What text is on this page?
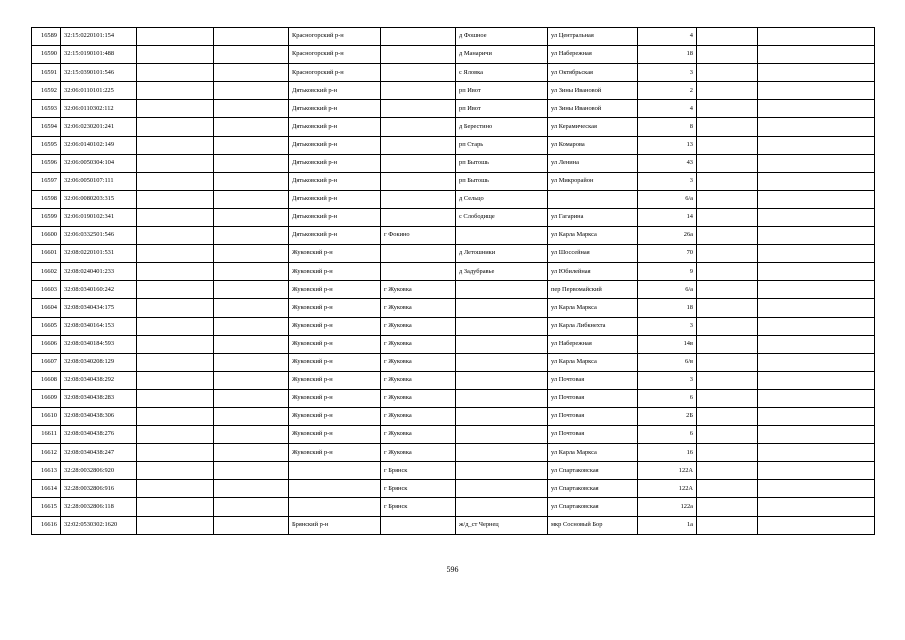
16589	32:15:0220101:154			Красногорский р-н		д Фошное	ул Центральная	4		
16590	32:15:0190101:488			Красногорский р-н		д Манаричи	ул Набережная	18		
16591	32:15:0390101:546			Красногорский р-н		с Яловка	ул Октябрьская	3		
16592	32:06:0110101:225			Дятьковский р-н		рп Ивот	ул Зины Ивановой	2		
16593	32:06:0110302:112			Дятьковский р-н		рп Ивот	ул Зины Ивановой	4		
16594	32:06:0230201:241			Дятьковский р-н		д Берестино	ул Керамическая	8		
16595	32:06:0140102:149			Дятьковский р-н		рп Старь	ул Комарова	13		
16596	32:06:0050304:104			Дятьковский р-н		рп Бытошь	ул Ленина	43		
16597	32:06:0050107:111			Дятьковский р-н		рп Бытошь	ул Микрорайон	3		
16598	32:06:0080203:315			Дятьковский р-н		д Сельцо		6/а		
16599	32:06:0190102:341			Дятьковский р-н		с Слободище	ул Гагарина	14		
16600	32:06:0332501:546			Дятьковский р-н	г Фокино		ул Карла Маркса	26а		
16601	32:08:0220101:531			Жуковский р-н		д Летошники	ул Шоссейная	70		
16602	32:08:0240401:233			Жуковский р-н		д Задубравье	ул Юбилейная	9		
16603	32:08:0340160:242			Жуковский р-н	г Жуковка		пер Первомайский	6/а		
16604	32:08:0340434:175			Жуковский р-н	г Жуковка		ул Карла Маркса	18		
16605	32:08:0340164:153			Жуковский р-н	г Жуковка		ул Карла Либкнехта	3		
16606	32:08:0340184:593			Жуковский р-н	г Жуковка		ул Набережная	14в		
16607	32:08:0340208:129			Жуковский р-н	г Жуковка		ул Карла Маркса	6/в		
16608	32:08:0340438:292			Жуковский р-н	г Жуковка		ул Почтовая	3		
16609	32:08:0340438:283			Жуковский р-н	г Жуковка		ул Почтовая	6		
16610	32:08:0340438:306			Жуковский р-н	г Жуковка		ул Почтовая	2Б		
16611	32:08:0340438:276			Жуковский р-н	г Жуковка		ул Почтовая	6		
16612	32:08:0340438:247			Жуковский р-н	г Жуковка		ул Карла Маркса	16		
16613	32:28:0032806:920				г Брянск		ул Спартаковская	122А		
16614	32:28:0032806:916				г Брянск		ул Спартаковская	122А		
16615	32:28:0032806:118				г Брянск		ул Спартаковская	122а		
16616	32:02:0530302:1620			Брянский р-н		ж/д_ст Чернец	мкр Сосновый Бор	1а		
596
